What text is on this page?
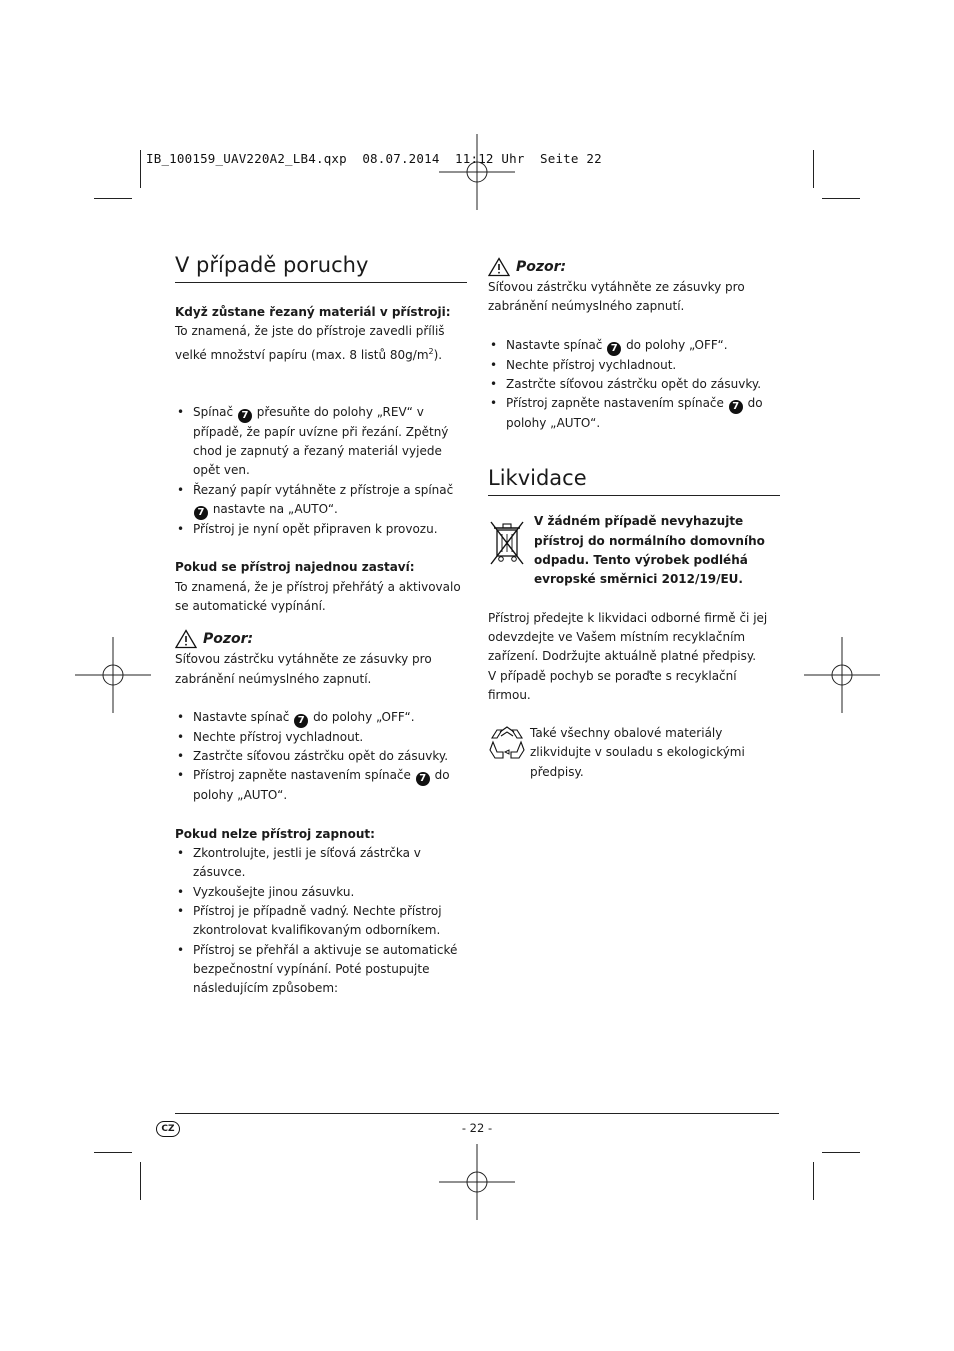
IB_100159_UAV220A2_LB4.qxp  08.07.2014  11:12 Uhr  Seite 22
V případě poruchy

Když zůstane řezaný materiál v přístroji:

To znamená, že jste do přístroje zavedli příliš velké množství papíru (max. 8 listů $80g/m^2$).

• Spínač 7 přesuňte do polohy „REV“ v případě, že papír uvízne při řezání. Zpětný chod je zapnutý a řezaný materiál vyjede opět ven.
• Řezaný papír vytáhněte z přístroje a spínač 7 nastavte na „AUTO“.
• Přístroj je nyní opět připraven k provozu.

Pokud se přístroj najednou zastaví:

To znamená, že je přístroj přehřátý a aktivovalo se automatické vypínání.

Pozor:

Síťovou zástrčku vytáhněte ze zásuvky pro zabránění neúmyslného zapnutí.

• Nastavte spínač 7 do polohy „OFF“.
• Nechte přístroj vychladnout.
• Zastrčte síťovou zástrčku opět do zásuvky.
• Přístroj zapněte nastavením spínače 7 do polohy „AUTO“.

Pokud nelze přístroj zapnout:

• Zkontrolujte, jestli je síťová zástrčka v zásuvce.
• Vyzkoušejte jinou zásuvku.
• Přístroj je případně vadný. Nechte přístroj zkontrolovat kvalifikovaným odborníkem.
• Přístroj se přehřál a aktivuje se automatické bezpečnostní vypínání. Poté postupujte následujícím způsobem:
Pozor:

Síťovou zástrčku vytáhněte ze zásuvky pro zabránění neúmyslného zapnutí.

• Nastavte spínač 7 do polohy „OFF“.
• Nechte přístroj vychladnout.
• Zastrčte síťovou zástrčku opět do zásuvky.
• Přístroj zapněte nastavením spínače 7 do polohy „AUTO“.
Likvidace

V žádném případě nevyhazujte přístroj do normálního domovního odpadu. Tento výrobek podléhá evropské směrnici 2012/19/EU.

Přístroj předejte k likvidaci odborné firmě či jej odevzdejte ve Vašem místním recyklačním zařízení. Dodržujte aktuálně platné předpisy.

V případě pochyb se poraďte s recyklační firmou.

Také všechny obalové materiály zlikvidujte v souladu s ekologickými předpisy.

CZ	- 22 -
